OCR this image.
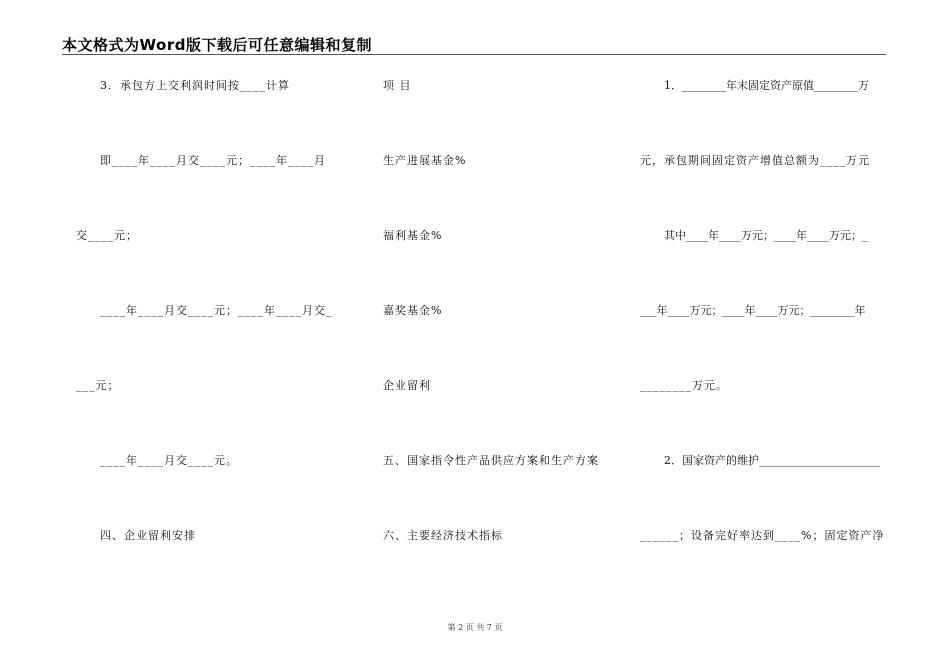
本文格式为Word版下载后可任意编辑和复制
3．承包方上交利润时间按____计算
即____年____月交____元；____年____月
交____元；
____年____月交____元；____年____月交_
___元；
____年____月交____元。
四、企业留利安排
项 目
生产进展基金%
福利基金%
嘉奖基金%
企业留利
五、国家指令性产品供应方案和生产方案
六、主要经济技术指标
1．________年末固定资产原值________万
元，承包期间固定资产增值总额为____万元
其中____年____万元；____年____万元；_
___年____万元；____年____万元；________年
________万元。
2．国家资产的维护______________________
______；设备完好率达到____%；固定资产净
第 2 页 共 7 页
